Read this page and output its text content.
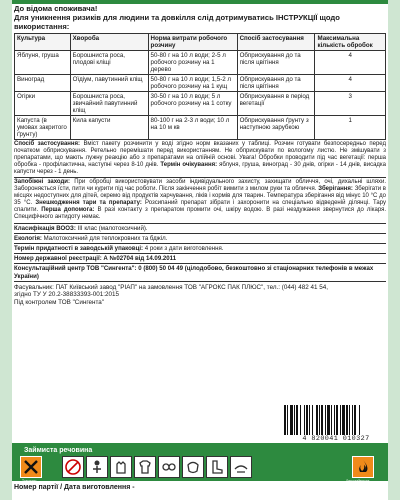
До відома споживача!

Для уникнення ризиків для людини та довкілля слід дотримуватись ІНСТРУКЦІЇ щодо використання:

Культура	Хвороба	Норма витрати робочого розчину	Спосіб застосування	Максимальна кількість обробок
Яблуня, груша	Борошниста роса, плодові кліщі	50-80 г на 10 л води; 2-5 л робочого розчину на 1 дерево	Обприскування до та після цвітіння	4
Виноград	Оїдіум, павутинний кліщ	50-80 г на 10 л води; 1,5-2 л робочого розчину на 1 кущ	Обприскування до та після цвітіння	4
Огірки	Борошниста роса, звичайний павутинний кліщ	30-50 г на 10 л води; 5 л робочого розчину на 1 сотку	Обприскування в період вегетації	3
Капуста (в умовах закритого ґрунту)	Кила капусти	80-100 г на 2-3 л води; 10 л на 10 м кв	Обприскування ґрунту з наступною зарубкою	1
Спосіб застосування: Вміст пакету розчинити у воді згідно норм вказаних у таблиці. Розчин готувати безпосередньо перед початком обприскування. Ретельно перемішати перед використанням. Не обприскувати по вологому листю. Не змішувати з препаратами, що мають лужну реакцію або з препаратами на олійній основі. Увага! Обробки проводити під час вегетації: перша обробка - профілактична, наступні через 8-10 днів. Термін очікування: яблуня, груша, виноград - 30 днів, огірки - 14 днів, висадка капусти через - 1 день.
Запобіжні заходи: При обробці використовувати засоби індивідуального захисту, захищати обличчя, очі, дихальні шляхи. Забороняється їсти, пити чи курити під час роботи. Після закінчення робіт вимити з милом руки та обличчя. Зберігання: Зберігати в місцях недоступних для дітей, окремо від продуктів харчування, ліків і кормів для тварин. Температура зберігання від мінус 10 °C до 35 °C. Знешкодження тари та препарату: Розсипаний препарат зібрати і захоронити на спеціально відведеній ділянці. Тару спалити. Перша допомога: В разі контакту з препаратом промити очі, шкіру водою. В разі нездужання звернутися до лікаря. Специфічного антидоту немає.
Класифікація ВООЗ: III клас (малотоксичний).
Екологія: Малотоксичний для теплокровних та бджіл.
Термін придатності в заводській упаковці: 4 роки з дати виготовлення.
Номер державної реєстрації: А №02704 від 14.09.2011
Консультаційний центр ТОВ "Сингента": 0 (800) 50 04 49 (цілодобово, безкоштовно зі стаціонарних телефонів в межах України)
Фасувальник: ПАТ Київський завод "РІАП" на замовлення ТОВ "АГРОКС ПАК ПЛЮС", тел.: (044) 482 41 54,
згідно ТУ У 20.2-38833393-001:2015
Під контролем ТОВ "Сингента"
4 820041 010327
Займиста речовина
Токсично	Легкозаймисте
Номер партії / Дата виготовлення -
